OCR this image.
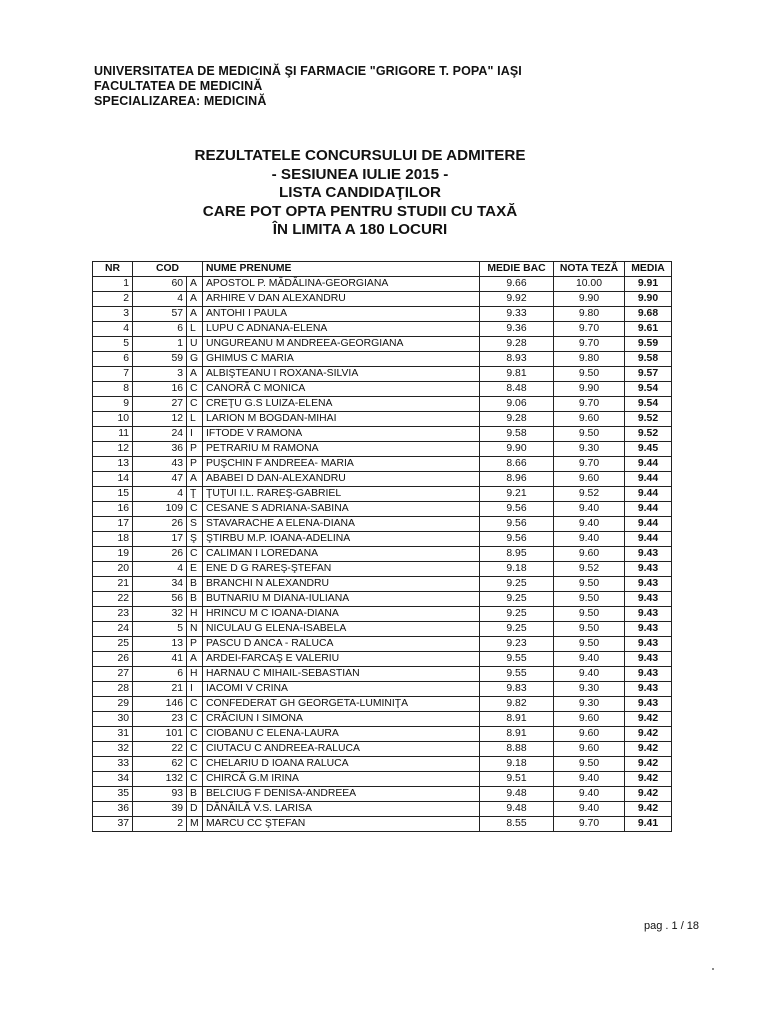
UNIVERSITATEA DE MEDICINĂ ŞI FARMACIE "GRIGORE T. POPA" IAŞI
FACULTATEA DE MEDICINĂ
SPECIALIZAREA: MEDICINĂ
REZULTATELE CONCURSULUI DE ADMITERE
- SESIUNEA IULIE 2015 -
LISTA CANDIDAŢILOR
CARE POT OPTA PENTRU STUDII CU TAXĂ
ÎN LIMITA A 180 LOCURI
NR	COD		NUME PRENUME	MEDIE BAC	NOTA TEZĂ	MEDIA
1	60	A	APOSTOL P. MĂDĂLINA-GEORGIANA	9.66	10.00	9.91
2	4	A	ARHIRE V DAN ALEXANDRU	9.92	9.90	9.90
3	57	A	ANTOHI I PAULA	9.33	9.80	9.68
4	6	L	LUPU C ADNANA-ELENA	9.36	9.70	9.61
5	1	U	UNGUREANU M ANDREEA-GEORGIANA	9.28	9.70	9.59
6	59	G	GHIMUS C MARIA	8.93	9.80	9.58
7	3	A	ALBIŞTEANU I ROXANA-SILVIA	9.81	9.50	9.57
8	16	C	CANORĂ C MONICA	8.48	9.90	9.54
9	27	C	CREŢU G.S LUIZA-ELENA	9.06	9.70	9.54
10	12	L	LARION M BOGDAN-MIHAI	9.28	9.60	9.52
11	24	I	IFTODE V RAMONA	9.58	9.50	9.52
12	36	P	PETRARIU M RAMONA	9.90	9.30	9.45
13	43	P	PUŞCHIN F ANDREEA- MARIA	8.66	9.70	9.44
14	47	A	ABABEI D DAN-ALEXANDRU	8.96	9.60	9.44
15	4	Ţ	ŢUŢUI I.L. RAREŞ-GABRIEL	9.21	9.52	9.44
16	109	C	CESANE S ADRIANA-SABINA	9.56	9.40	9.44
17	26	S	STAVARACHE A ELENA-DIANA	9.56	9.40	9.44
18	17	Ş	ŞTIRBU M.P. IOANA-ADELINA	9.56	9.40	9.44
19	26	C	CALIMAN I LOREDANA	8.95	9.60	9.43
20	4	E	ENE D G RAREŞ-ŞTEFAN	9.18	9.52	9.43
21	34	B	BRANCHI N ALEXANDRU	9.25	9.50	9.43
22	56	B	BUTNARIU M DIANA-IULIANA	9.25	9.50	9.43
23	32	H	HRINCU M C IOANA-DIANA	9.25	9.50	9.43
24	5	N	NICULAU G ELENA-ISABELA	9.25	9.50	9.43
25	13	P	PASCU D ANCA - RALUCA	9.23	9.50	9.43
26	41	A	ARDEI-FARCAŞ E VALERIU	9.55	9.40	9.43
27	6	H	HARNAU C MIHAIL-SEBASTIAN	9.55	9.40	9.43
28	21	I	IACOMI V CRINA	9.83	9.30	9.43
29	146	C	CONFEDERAT GH GEORGETA-LUMINIŢA	9.82	9.30	9.43
30	23	C	CRĂCIUN I SIMONA	8.91	9.60	9.42
31	101	C	CIOBANU C ELENA-LAURA	8.91	9.60	9.42
32	22	C	CIUTACU C ANDREEA-RALUCA	8.88	9.60	9.42
33	62	C	CHELARIU D IOANA RALUCA	9.18	9.50	9.42
34	132	C	CHIRCĂ G.M IRINA	9.51	9.40	9.42
35	93	B	BELCIUG F DENISA-ANDREEA	9.48	9.40	9.42
36	39	D	DĂNĂILĂ V.S. LARISA	9.48	9.40	9.42
37	2	M	MARCU CC ŞTEFAN	8.55	9.70	9.41
pag . 1 / 18
